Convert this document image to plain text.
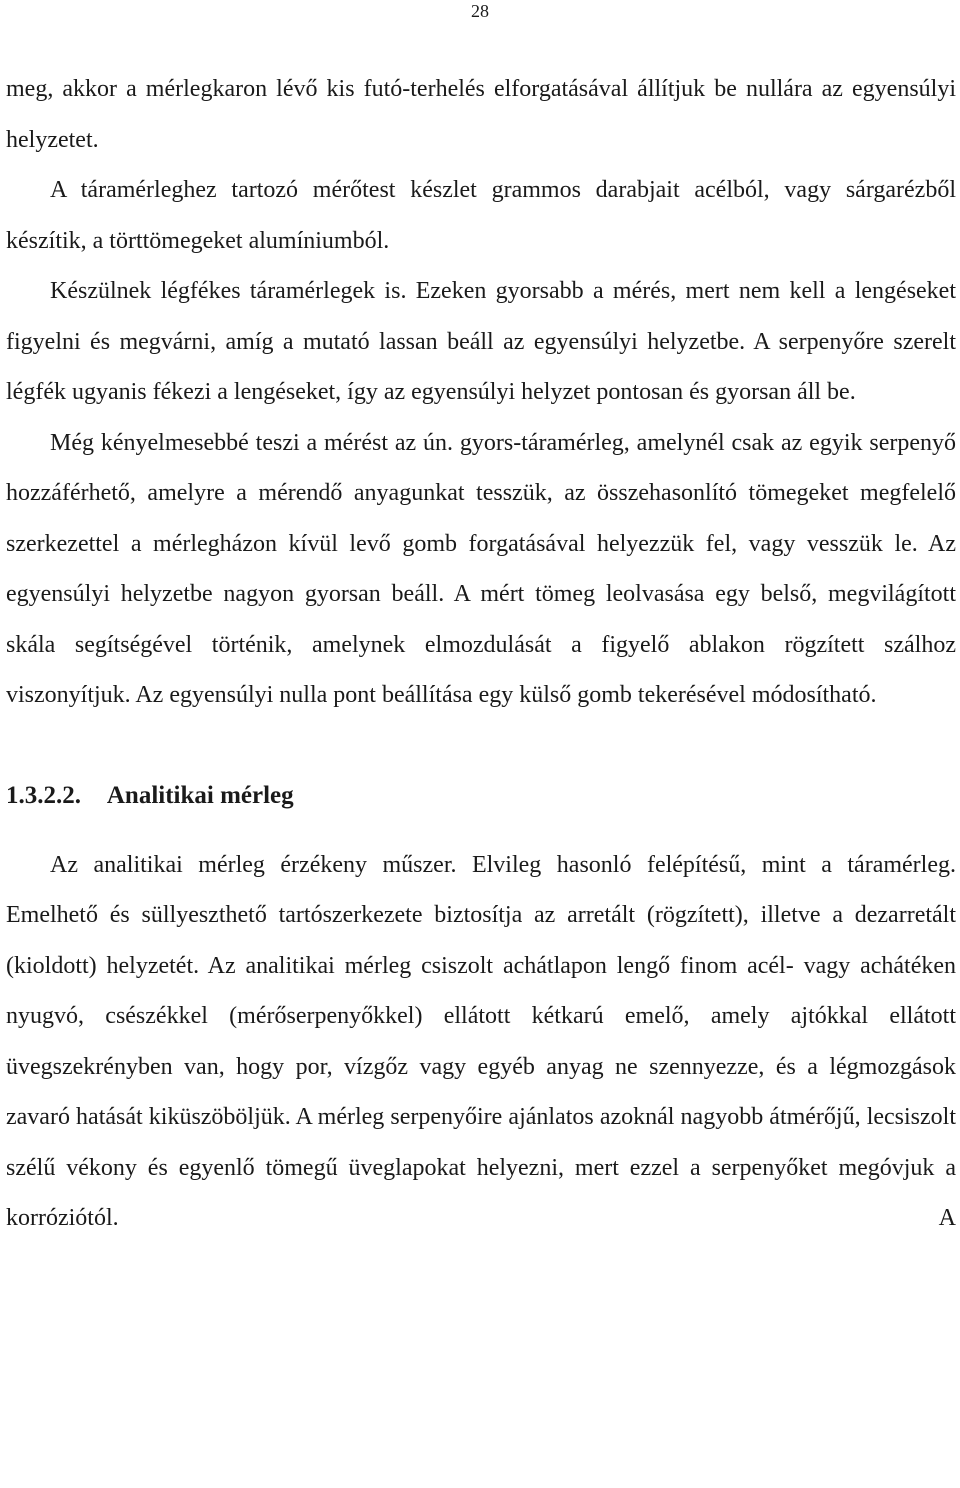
28

meg, akkor a mérlegkaron lévő kis futó-terhelés elforgatásával állítjuk be nullára az egyensúlyi helyzetet.

A táramérleghez tartozó mérőtest készlet grammos darabjait acélból, vagy sárgarézből készítik, a törttömegeket alumíniumból.

Készülnek légfékes táramérlegek is. Ezeken gyorsabb a mérés, mert nem kell a lengéseket figyelni és megvárni, amíg a mutató lassan beáll az egyensúlyi helyzetbe. A serpenyőre szerelt légfék ugyanis fékezi a lengéseket, így az egyensúlyi helyzet pontosan és gyorsan áll be.

Még kényelmesebbé teszi a mérést az ún. gyors-táramérleg, amelynél csak az egyik serpenyő hozzáférhető, amelyre a mérendő anyagunkat tesszük, az összehasonlító tömegeket megfelelő szerkezettel a mérlegházon kívül levő gomb forgatásával helyezzük fel, vagy vesszük le. Az egyensúlyi helyzetbe nagyon gyorsan beáll. A mért tömeg leolvasása egy belső, megvilágított skála segítségével történik, amelynek elmozdulását a figyelő ablakon rögzített szálhoz viszonyítjuk. Az egyensúlyi nulla pont beállítása egy külső gomb tekerésével módosítható.

1.3.2.2. Analitikai mérleg

Az analitikai mérleg érzékeny műszer. Elvileg hasonló felépítésű, mint a táramérleg. Emelhető és süllyeszthető tartószerkezete biztosítja az arretált (rögzített), illetve a dezarretált (kioldott) helyzetét. Az analitikai mérleg csiszolt achátlapon lengő finom acél- vagy achátéken nyugvó, csészékkel (mérőserpenyőkkel) ellátott kétkarú emelő, amely ajtókkal ellátott üvegszekrényben van, hogy por, vízgőz vagy egyéb anyag ne szennyezze, és a légmozgások zavaró hatását kiküszöböljük. A mérleg serpenyőire ajánlatos azoknál nagyobb átmérőjű, lecsiszolt szélű vékony és egyenlő tömegű üveglapokat helyezni, mert ezzel a serpenyőket megóvjuk a korróziótól. A
